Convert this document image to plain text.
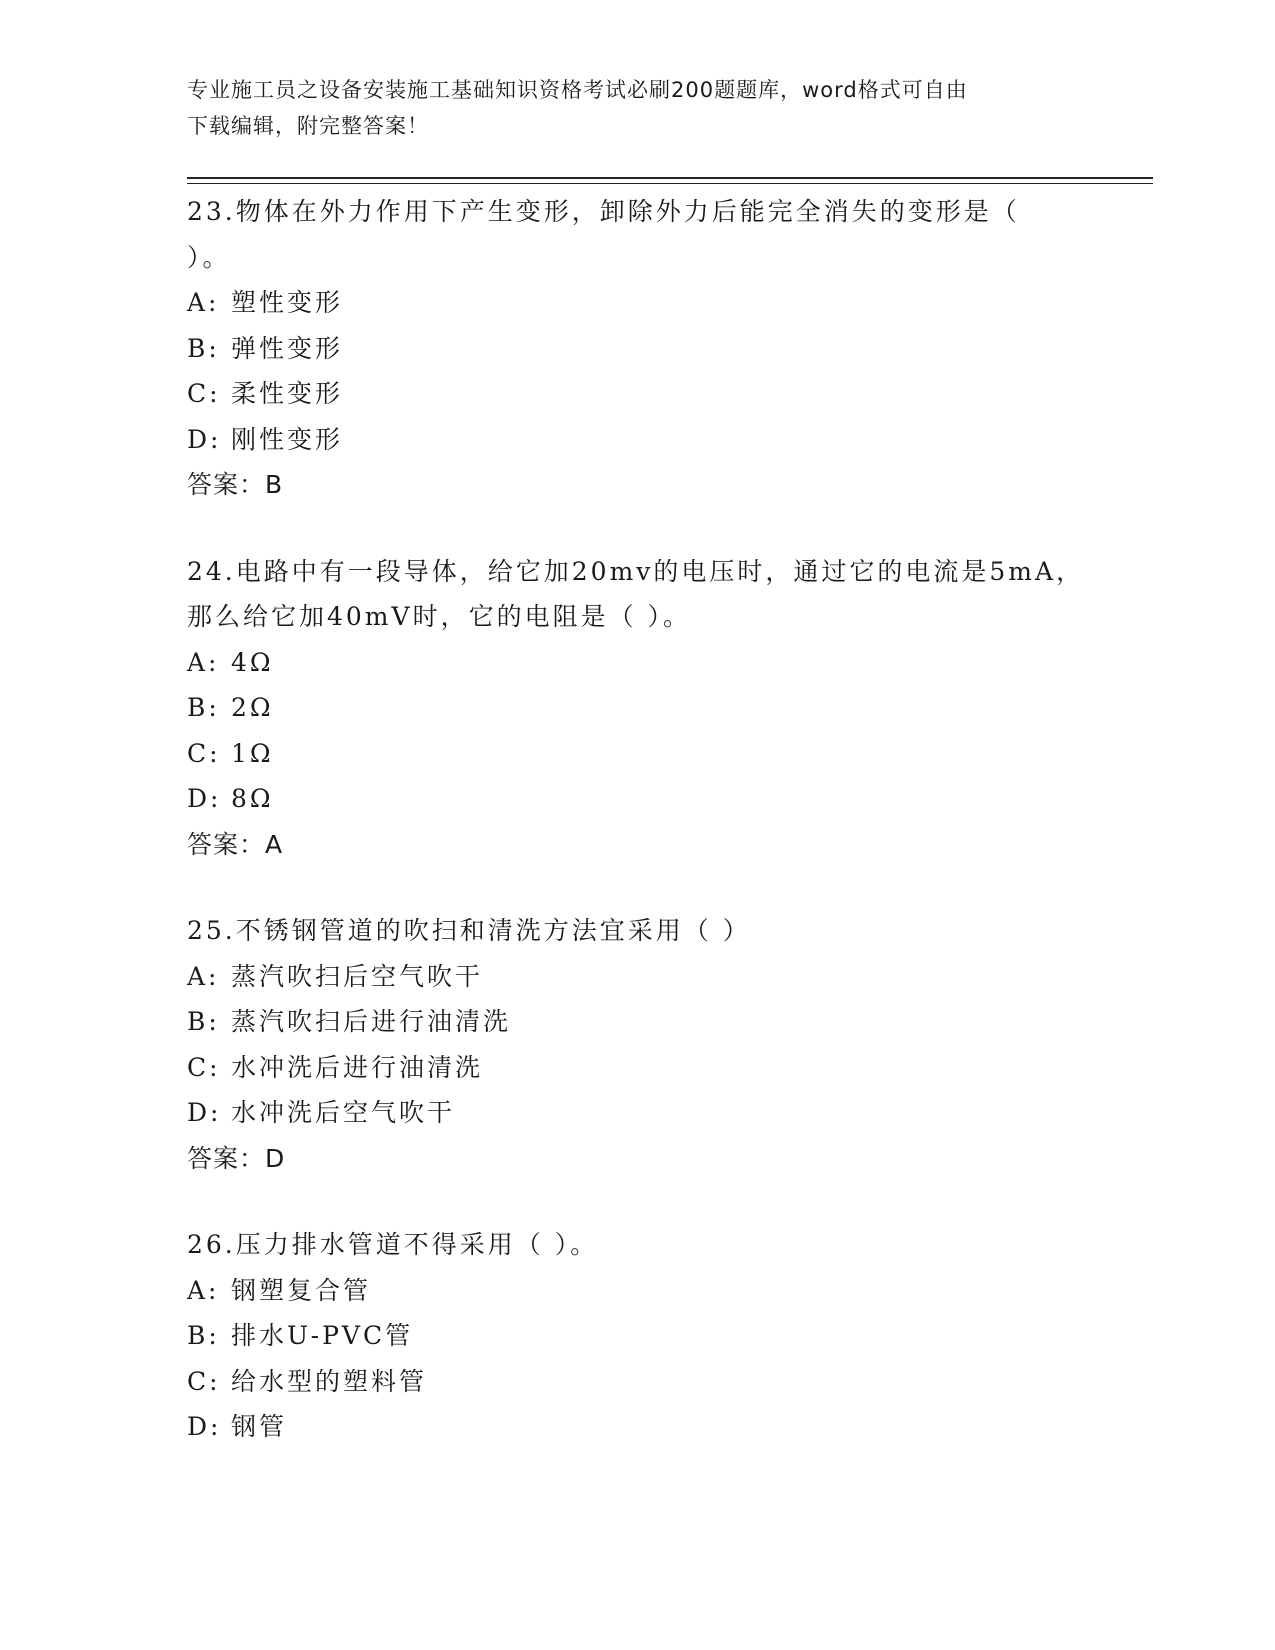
专业施工员之设备安装施工基础知识资格考试必刷200题题库，word格式可自由
下载编辑，附完整答案！

23.物体在外力作用下产生变形，卸除外力后能完全消失的变形是（
）。

A: 塑性变形
B: 弹性变形
C: 柔性变形
D: 刚性变形
答案：B

24.电路中有一段导体，给它加20mv的电压时，通过它的电流是5mA，
那么给它加40mV时，它的电阻是（ ）。

A: 4Ω
B: 2Ω
C: 1Ω
D: 8Ω
答案：A

25.不锈钢管道的吹扫和清洗方法宜采用（ ）

A: 蒸汽吹扫后空气吹干
B: 蒸汽吹扫后进行油清洗
C: 水冲洗后进行油清洗
D: 水冲洗后空气吹干
答案：D

26.压力排水管道不得采用（ ）。

A: 钢塑复合管
B: 排水U-PVC管
C: 给水型的塑料管
D: 钢管
